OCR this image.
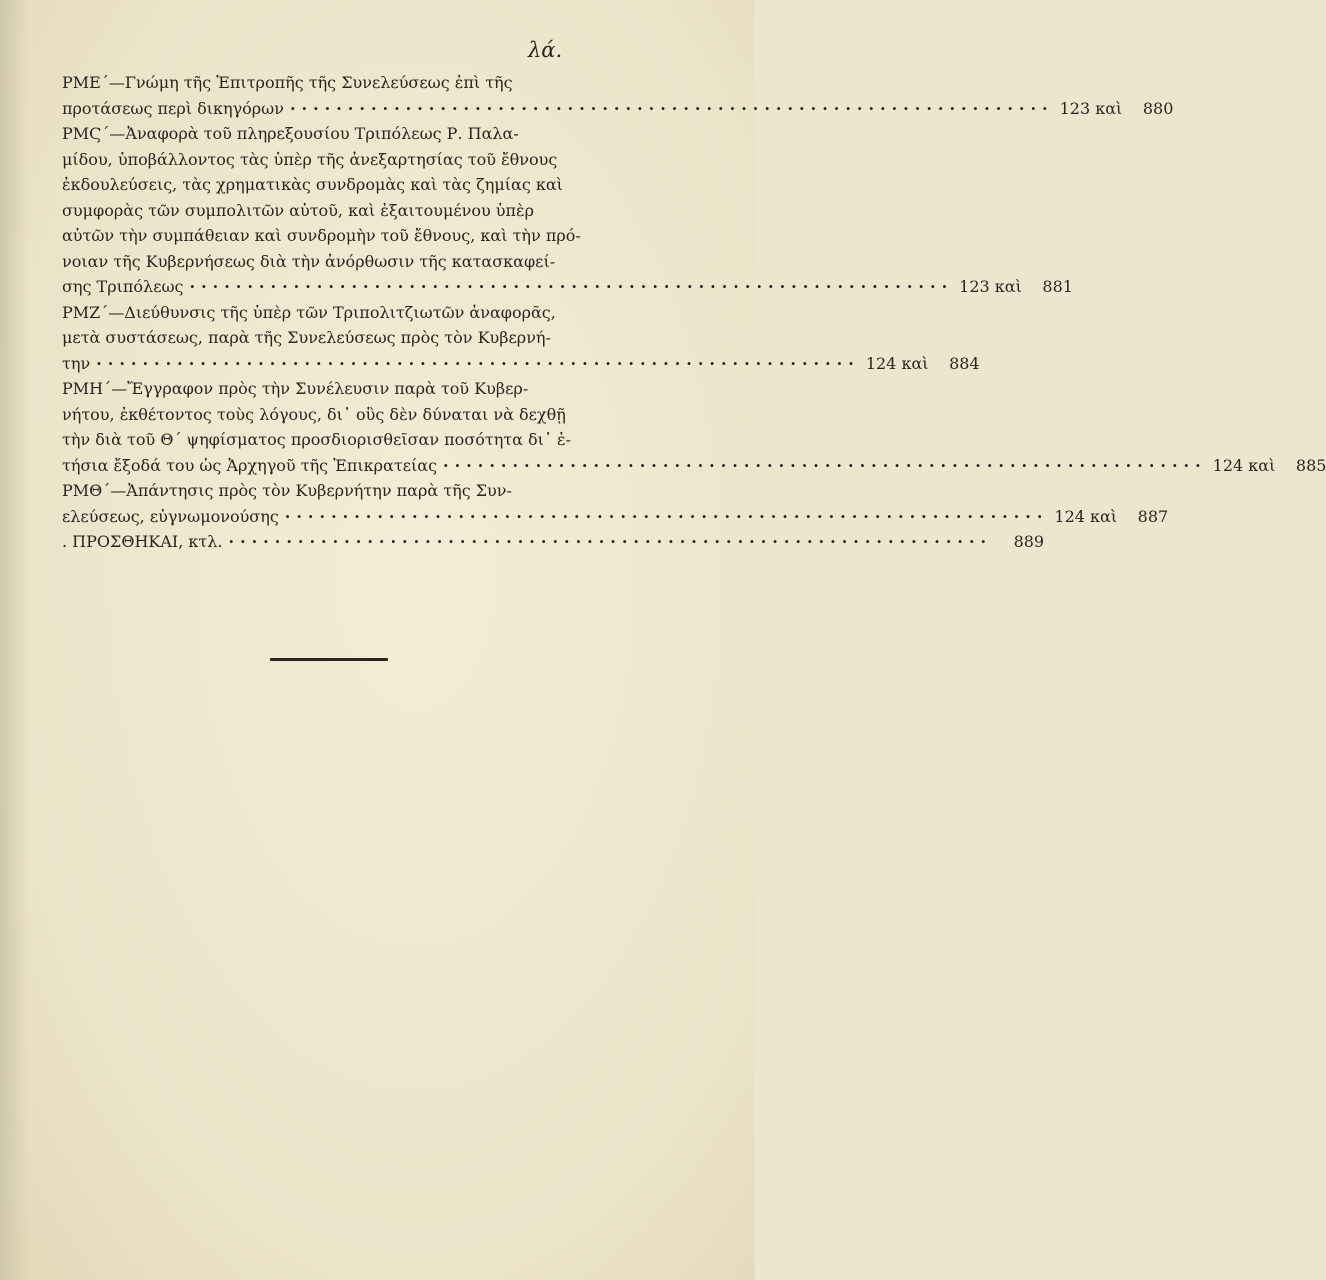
λά.
ΡΜΕ΄—Γνώμη τῆς Ἐπιτροπῆς τῆς Συνελεύσεως ἐπὶ τῆς
προτάσεως περὶ δικηγόρων ·································································· 123 καὶ 880
ΡΜϚ΄—Ἀναφορὰ τοῦ πληρεξουσίου Τριπόλεως Ρ. Παλα-
μίδου, ὑποβάλλοντος τὰς ὑπὲρ τῆς ἀνεξαρτησίας τοῦ ἔθνους
ἐκδουλεύσεις, τὰς χρηματικὰς συνδρομὰς καὶ τὰς ζημίας καὶ
συμφορὰς τῶν συμπολιτῶν αὐτοῦ, καὶ ἐξαιτουμένου ὑπὲρ
αὐτῶν τὴν συμπάθειαν καὶ συνδρομὴν τοῦ ἔθνους, καὶ τὴν πρό-
νοιαν τῆς Κυβερνήσεως διὰ τὴν ἀνόρθωσιν τῆς κατασκαφεί-
σης Τριπόλεως ·································································· 123 καὶ 881
ΡΜΖ΄—Διεύθυνσις τῆς ὑπὲρ τῶν Τριπολιτζιωτῶν ἀναφορᾶς,
μετὰ συστάσεως, παρὰ τῆς Συνελεύσεως πρὸς τὸν Κυβερνή-
την ·································································· 124 καὶ 884
ΡΜΗ΄—Ἔγγραφον πρὸς τὴν Συνέλευσιν παρὰ τοῦ Κυβερ-
νήτου, ἐκθέτοντος τοὺς λόγους, δι᾽ οὓς δὲν δύναται νὰ δεχθῇ
τὴν διὰ τοῦ Θ΄ ψηφίσματος προσδιορισθεῖσαν ποσότητα δι᾽ ἐ-
τήσια ἔξοδά του ὡς Ἀρχηγοῦ τῆς Ἐπικρατείας ·································································· 124 καὶ 885
ΡΜΘ΄—Ἀπάντησις πρὸς τὸν Κυβερνήτην παρὰ τῆς Συν-
ελεύσεως, εὐγνωμονούσης ·································································· 124 καὶ 887
. ΠΡΟΣΘΗΚΑΙ, κτλ. ··································································	889
